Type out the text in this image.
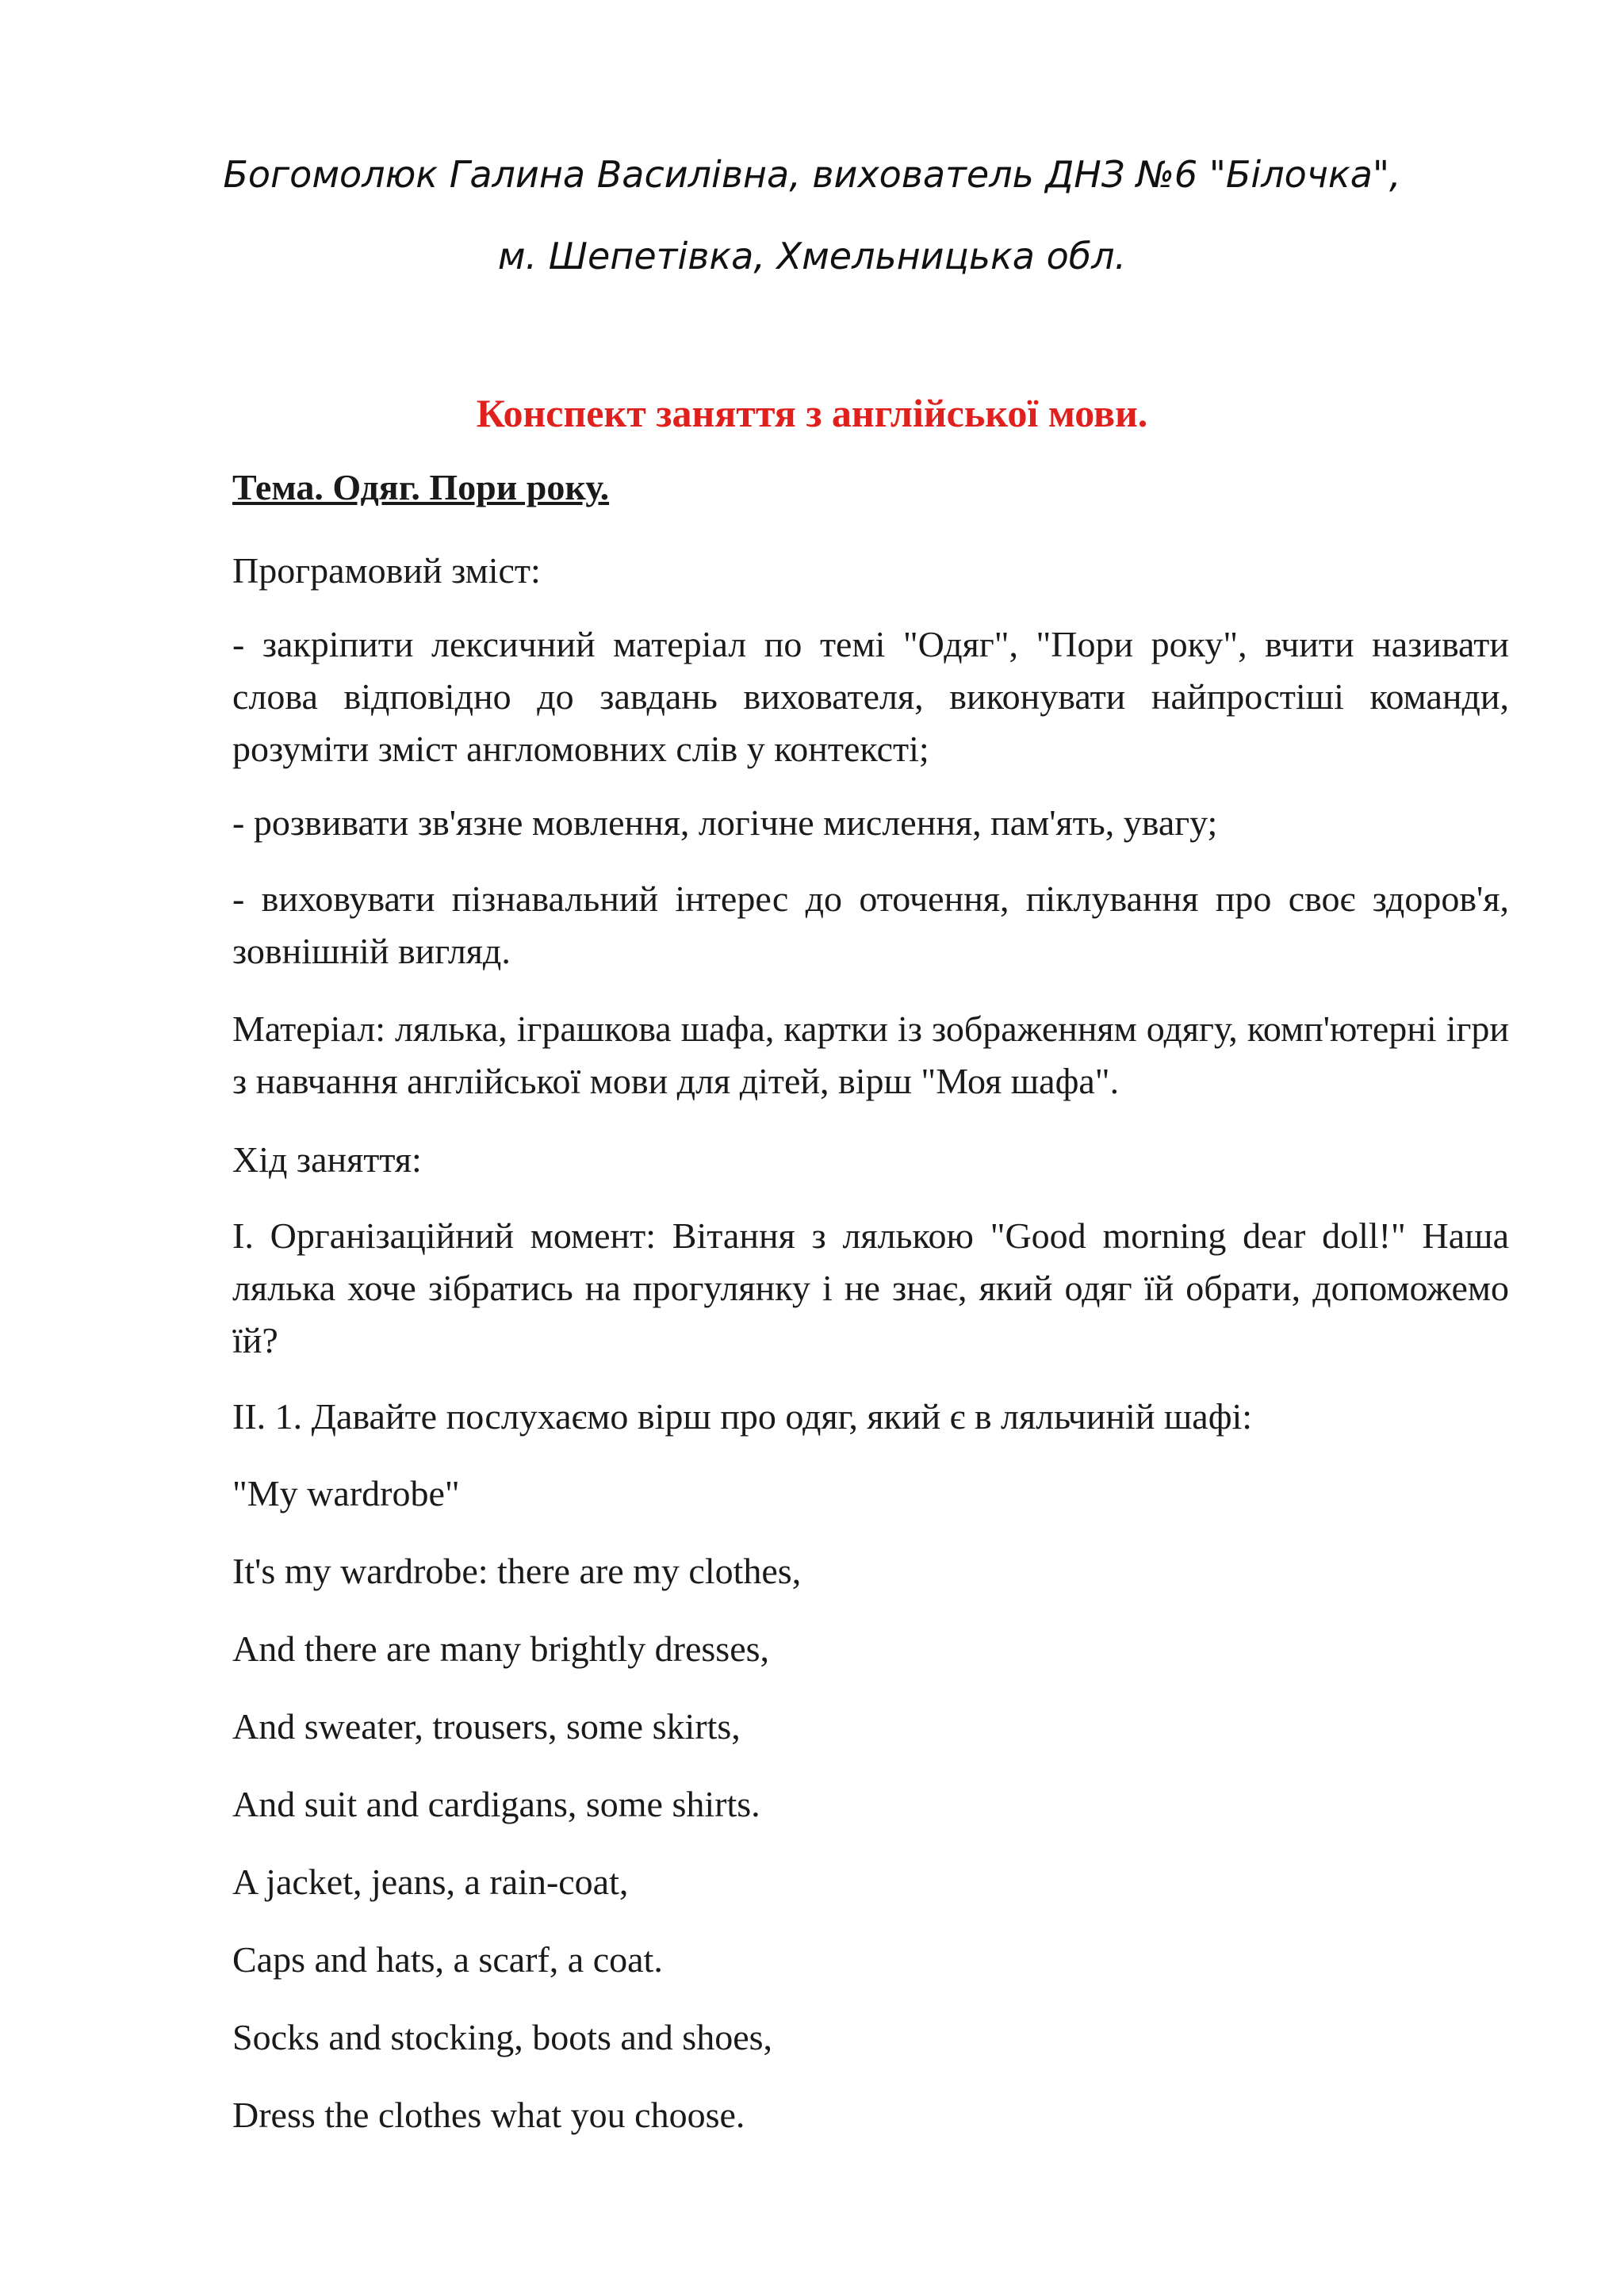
Богомолюк Галина Василівна, вихователь ДНЗ №6 "Білочка",
м. Шепетівка, Хмельницька обл.
Конспект заняття з англійської мови.
Тема. Одяг. Пори року.
Програмовий зміст:
- закріпити лексичний матеріал по темі "Одяг", "Пори року", вчити називати слова відповідно до завдань вихователя, виконувати найпростіші команди, розуміти зміст англомовних слів у контексті;
- розвивати зв'язне мовлення, логічне мислення, пам'ять, увагу;
- виховувати пізнавальний інтерес до оточення, піклування про своє здоров'я, зовнішній вигляд.
Матеріал: лялька, іграшкова шафа, картки із зображенням одягу, комп'ютерні ігри з навчання англійської мови для дітей, вірш "Моя шафа".
Хід заняття:
І. Організаційний момент: Вітання з лялькою "Good morning dear doll!" Наша лялька хоче зібратись на прогулянку і не знає, який одяг їй обрати, допоможемо їй?
ІІ. 1. Давайте послухаємо вірш про одяг, який є в ляльчиній шафі:
"My wardrobe"
It's my wardrobe: there are my clothes,
And there are many brightly dresses,
And sweater, trousers, some skirts,
And suit and cardigans, some shirts.
A jacket, jeans, a rain-coat,
Caps and hats, a scarf, a coat.
Socks and stocking, boots and shoes,
Dress the clothes what you choose.
